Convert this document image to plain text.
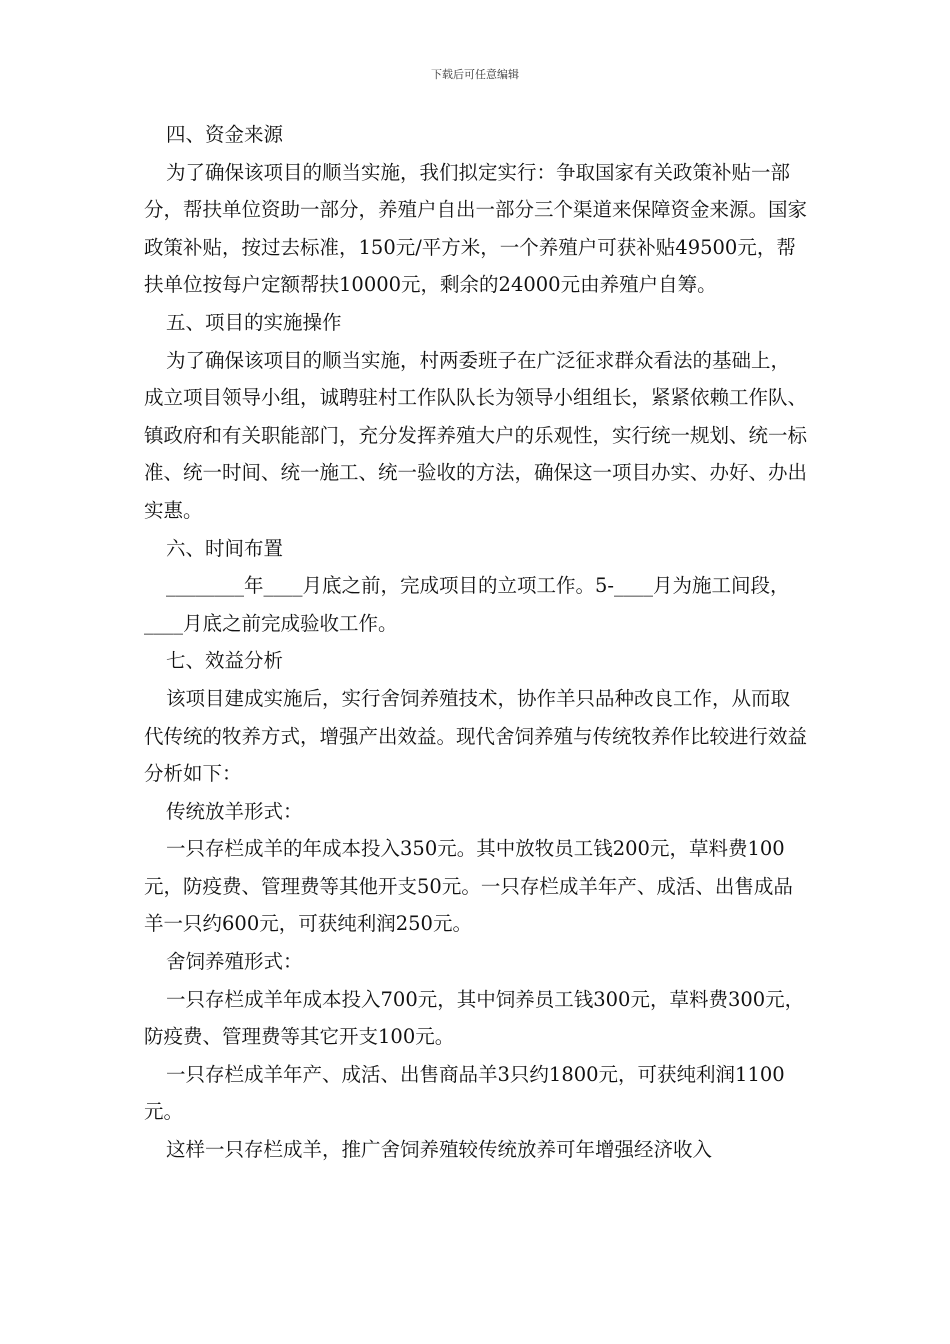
下载后可任意编辑

四、资金来源

为了确保该项目的顺当实施，我们拟定实行：争取国家有关政策补贴一部分，帮扶单位资助一部分，养殖户自出一部分三个渠道来保障资金来源。国家政策补贴，按过去标准，150元/平方米，一个养殖户可获补贴49500元，帮扶单位按每户定额帮扶10000元，剩余的24000元由养殖户自筹。

五、项目的实施操作

为了确保该项目的顺当实施，村两委班子在广泛征求群众看法的基础上，成立项目领导小组，诚聘驻村工作队队长为领导小组组长，紧紧依赖工作队、镇政府和有关职能部门，充分发挥养殖大户的乐观性，实行统一规划、统一标准、统一时间、统一施工、统一验收的方法，确保这一项目办实、办好、办出实惠。

六、时间布置

________年____月底之前，完成项目的立项工作。5-____月为施工间段，____月底之前完成验收工作。

七、效益分析

该项目建成实施后，实行舍饲养殖技术，协作羊只品种改良工作，从而取代传统的牧养方式，增强产出效益。现代舍饲养殖与传统牧养作比较进行效益分析如下：

传统放羊形式：

一只存栏成羊的年成本投入350元。其中放牧员工钱200元，草料费100元，防疫费、管理费等其他开支50元。一只存栏成羊年产、成活、出售成品羊一只约600元，可获纯利润250元。

舍饲养殖形式：

一只存栏成羊年成本投入700元，其中饲养员工钱300元，草料费300元，防疫费、管理费等其它开支100元。

一只存栏成羊年产、成活、出售商品羊3只约1800元，可获纯利润1100元。

这样一只存栏成羊，推广舍饲养殖较传统放养可年增强经济收入
